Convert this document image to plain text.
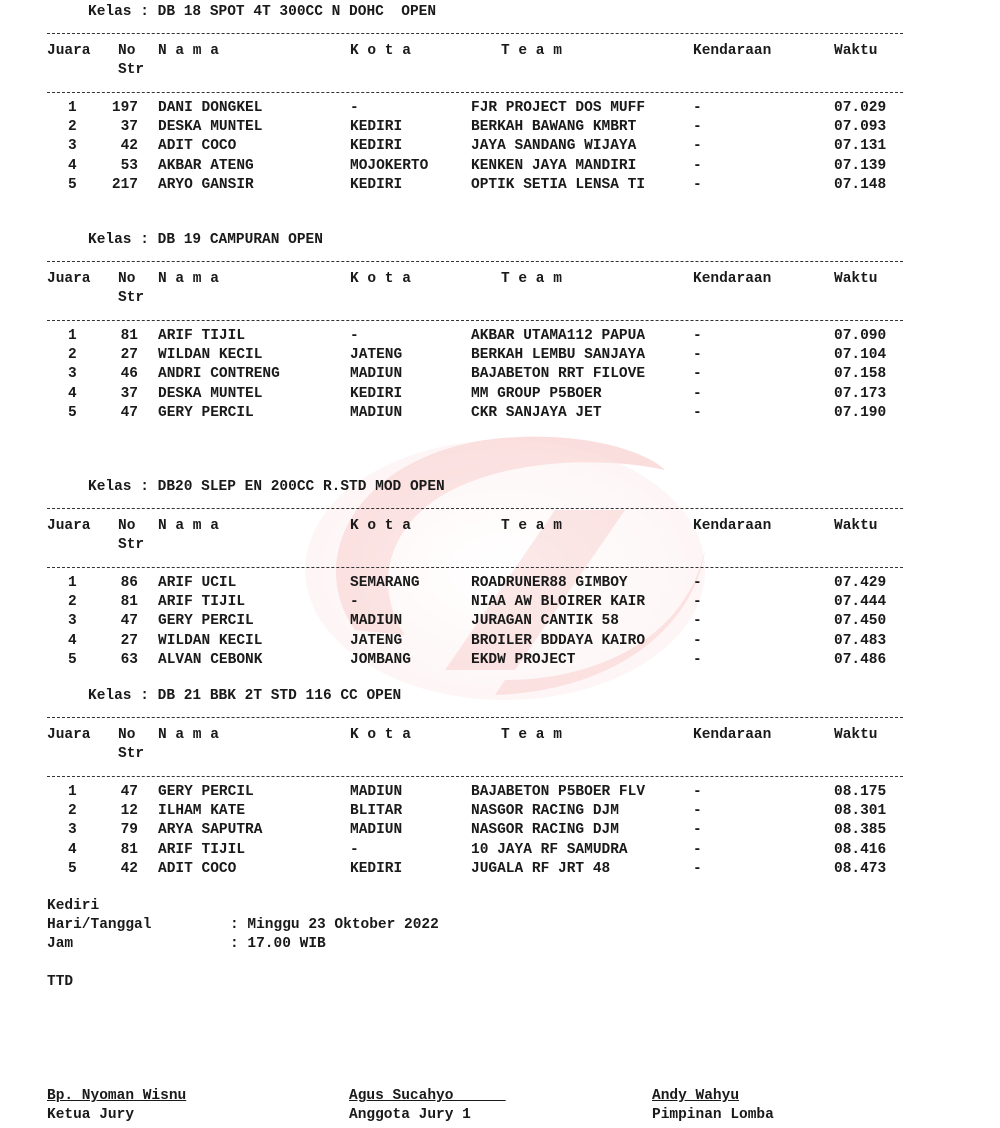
Kelas : DB 18 SPOT 4T 300CC N DOHC  OPEN
Juara No N a m a	K o t a	T e a m	Kendaraan	Waktu
Str
1 197 DANI DONGKEL	-	FJR PROJECT DOS MUFF	-	07.029
2	37 DESKA MUNTEL	KEDIRI	BERKAH BAWANG KMBRT	-	07.093
3	42 ADIT COCO	KEDIRI	JAYA SANDANG WIJAYA	-	07.131
4	53 AKBAR ATENG	MOJOKERTO	KENKEN JAYA MANDIRI	-	07.139
5 217 ARYO GANSIR	KEDIRI	OPTIK SETIA LENSA TI	-	07.148
Kelas : DB 19 CAMPURAN OPEN
Juara No N a m a	K o t a	T e a m	Kendaraan	Waktu
Str
1	81 ARIF TIJIL	-	AKBAR UTAMA112 PAPUA	-	07.090
2	27 WILDAN KECIL	JATENG	BERKAH LEMBU SANJAYA	-	07.104
3	46 ANDRI CONTRENG	MADIUN	BAJABETON RRT FILOVE	-	07.158
4	37 DESKA MUNTEL	KEDIRI	MM GROUP P5BOER	-	07.173
5	47 GERY PERCIL	MADIUN	CKR SANJAYA JET	-	07.190
Kelas : DB20 SLEP EN 200CC R.STD MOD OPEN
Juara No N a m a	K o t a	T e a m	Kendaraan	Waktu
Str
1	86 ARIF UCIL	SEMARANG	ROADRUNER88 GIMBOY	-	07.429
2	81 ARIF TIJIL	-	NIAA AW BLOIRER KAIR	-	07.444
3	47 GERY PERCIL	MADIUN	JURAGAN CANTIK 58	-	07.450
4	27 WILDAN KECIL	JATENG	BROILER BDDAYA KAIRO	-	07.483
5	63 ALVAN CEBONK	JOMBANG	EKDW PROJECT	-	07.486
Kelas : DB 21 BBK 2T STD 116 CC OPEN
Juara No N a m a	K o t a	T e a m	Kendaraan	Waktu
Str
1	47 GERY PERCIL	MADIUN	BAJABETON P5BOER FLV	-	08.175
2	12 ILHAM KATE	BLITAR	NASGOR RACING DJM	-	08.301
3	79 ARYA SAPUTRA	MADIUN	NASGOR RACING DJM	-	08.385
4	81 ARIF TIJIL	-	10 JAYA RF SAMUDRA	-	08.416
5	42 ADIT COCO	KEDIRI	JUGALA RF JRT 48	-	08.473
Kediri
Hari/Tanggal	: Minggu 23 Oktober 2022
Jam	: 17.00 WIB
TTD
Bp. Nyoman Wisnu
Ketua Jury
Agus Sucahyo
Anggota Jury 1
Andy Wahyu
Pimpinan Lomba
